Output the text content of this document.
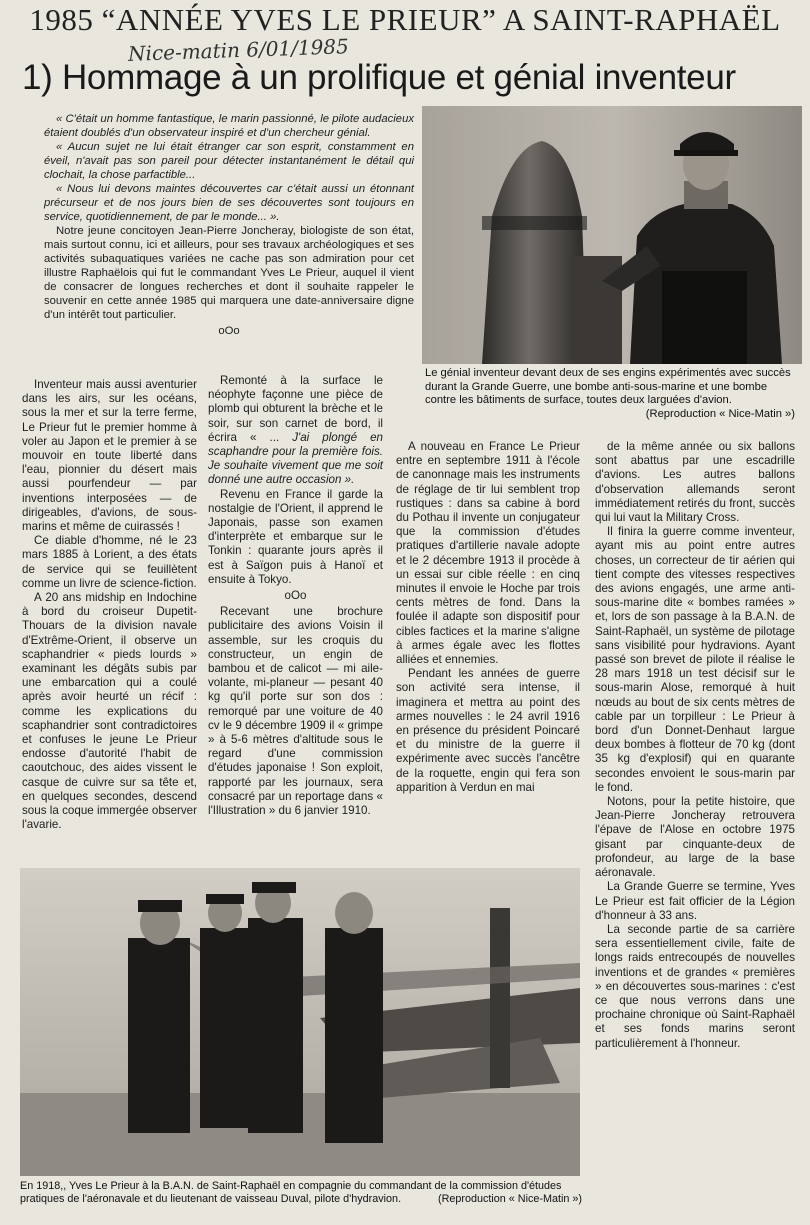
1985 “ANNÉE YVES LE PRIEUR” A SAINT-RAPHAËL
Nice-matin 6/01/1985
1) Hommage à un prolifique et génial inventeur

« C'était un homme fantastique, le marin passionné, le pilote audacieux étaient doublés d'un observateur inspiré et d'un chercheur génial.

« Aucun sujet ne lui était étranger car son esprit, constamment en éveil, n'avait pas son pareil pour détecter instantanément le détail qui clochait, la chose parfactible...

« Nous lui devons maintes découvertes car c'était aussi un étonnant précurseur et de nos jours bien de ses découvertes sont toujours en service, quotidiennement, de par le monde... ».

Notre jeune concitoyen Jean-Pierre Joncheray, biologiste de son état, mais surtout connu, ici et ailleurs, pour ses travaux archéologiques et ses activités subaquatiques variées ne cache pas son admiration pour cet illustre Raphaëlois qui fut le commandant Yves Le Prieur, auquel il vient de consacrer de longues recherches et dont il souhaite rappeler le souvenir en cette année 1985 qui marquera une date-anniversaire digne d'un intérêt tout particulier.

oOo

Le génial inventeur devant deux de ses engins expérimentés avec succès durant la Grande Guerre, une bombe anti-sous-marine et une bombe contre les bâtiments de surface, toutes deux larguées d'avion.
(Reproduction « Nice-Matin »)

Inventeur mais aussi aventurier dans les airs, sur les océans, sous la mer et sur la terre ferme, Le Prieur fut le premier homme à voler au Japon et le premier à se mouvoir en toute liberté dans l'eau, pionnier du désert mais aussi pourfendeur — par inventions interposées — de dirigeables, d'avions, de sous-marins et même de cuirassés !

Ce diable d'homme, né le 23 mars 1885 à Lorient, a des états de service qui se feuillètent comme un livre de science-fiction.

A 20 ans midship en Indochine à bord du croiseur Dupetit-Thouars de la division navale d'Extrême-Orient, il observe un scaphandrier « pieds lourds » examinant les dégâts subis par une embarcation qui a coulé après avoir heurté un récif : comme les explications du scaphandrier sont contradictoires et confuses le jeune Le Prieur endosse d'autorité l'habit de caoutchouc, des aides vissent le casque de cuivre sur sa tête et, en quelques secondes, descend sous la coque immergée observer l'avarie.

Remonté à la surface le néophyte façonne une pièce de plomb qui obturent la brèche et le soir, sur son carnet de bord, il écrira « ... J'ai plongé en scaphandre pour la première fois. Je souhaite vivement que me soit donné une autre occasion ».

Revenu en France il garde la nostalgie de l'Orient, il apprend le Japonais, passe son examen d'interprète et embarque sur le Tonkin : quarante jours après il est à Saïgon puis à Hanoï et ensuite à Tokyo.

oOo

Recevant une brochure publicitaire des avions Voisin il assemble, sur les croquis du constructeur, un engin de bambou et de calicot — mi aile-volante, mi-planeur — pesant 40 kg qu'il porte sur son dos : remorqué par une voiture de 40 cv le 9 décembre 1909 il « grimpe » à 5-6 mètres d'altitude sous le regard d'une commission d'études japonaise ! Son exploit, rapporté par les journaux, sera consacré par un reportage dans « l'Illustration » du 6 janvier 1910.

A nouveau en France Le Prieur entre en septembre 1911 à l'école de canonnage mais les instruments de réglage de tir lui semblent trop rustiques : dans sa cabine à bord du Pothau il invente un conjugateur que la commission d'études pratiques d'artillerie navale adopte et le 2 décembre 1913 il procède à un essai sur cible réelle : en cinq minutes il envoie le Hoche par trois cents mètres de fond. Dans la foulée il adapte son dispositif pour cibles factices et la marine s'aligne à armes égale avec les flottes alliées et ennemies.

Pendant les années de guerre son activité sera intense, il imaginera et mettra au point des armes nouvelles : le 24 avril 1916 en présence du président Poincaré et du ministre de la guerre il expérimente avec succès l'ancêtre de la roquette, engin qui fera son apparition à Verdun en mai

de la même année ou six ballons sont abattus par une escadrille d'avions. Les autres ballons d'observation allemands seront immédiatement retirés du front, succès qui lui vaut la Military Cross.

Il finira la guerre comme inventeur, ayant mis au point entre autres choses, un correcteur de tir aérien qui tient compte des vitesses respectives des avions engagés, une arme anti-sous-marine dite « bombes ramées » et, lors de son passage à la B.A.N. de Saint-Raphaël, un système de pilotage sans visibilité pour hydravions. Ayant passé son brevet de pilote il réalise le 28 mars 1918 un test décisif sur le sous-marin Alose, remorqué à huit nœuds au bout de six cents mètres de cable par un torpilleur : Le Prieur à bord d'un Donnet-Denhaut largue deux bombes à flotteur de 70 kg (dont 35 kg d'explosif) qui en quarante secondes envoient le sous-marin par le fond.

Notons, pour la petite histoire, que Jean-Pierre Joncheray retrouvera l'épave de l'Alose en octobre 1975 gisant par cinquante-deux de profondeur, au large de la base aéronavale.

La Grande Guerre se termine, Yves Le Prieur est fait officier de la Légion d'honneur à 33 ans.

La seconde partie de sa carrière sera essentiellement civile, faite de longs raids entrecoupés de nouvelles inventions et de grandes « premières » en découvertes sous-marines : c'est ce que nous verrons dans une prochaine chronique où Saint-Raphaël et ses fonds marins seront particulièrement à l'honneur.

En 1918,, Yves Le Prieur à la B.A.N. de Saint-Raphaël en compagnie du commandant de la commission d'études pratiques de l'aéronavale et du lieutenant de vaisseau Duval, pilote d'hydravion.	(Reproduction « Nice-Matin »)
